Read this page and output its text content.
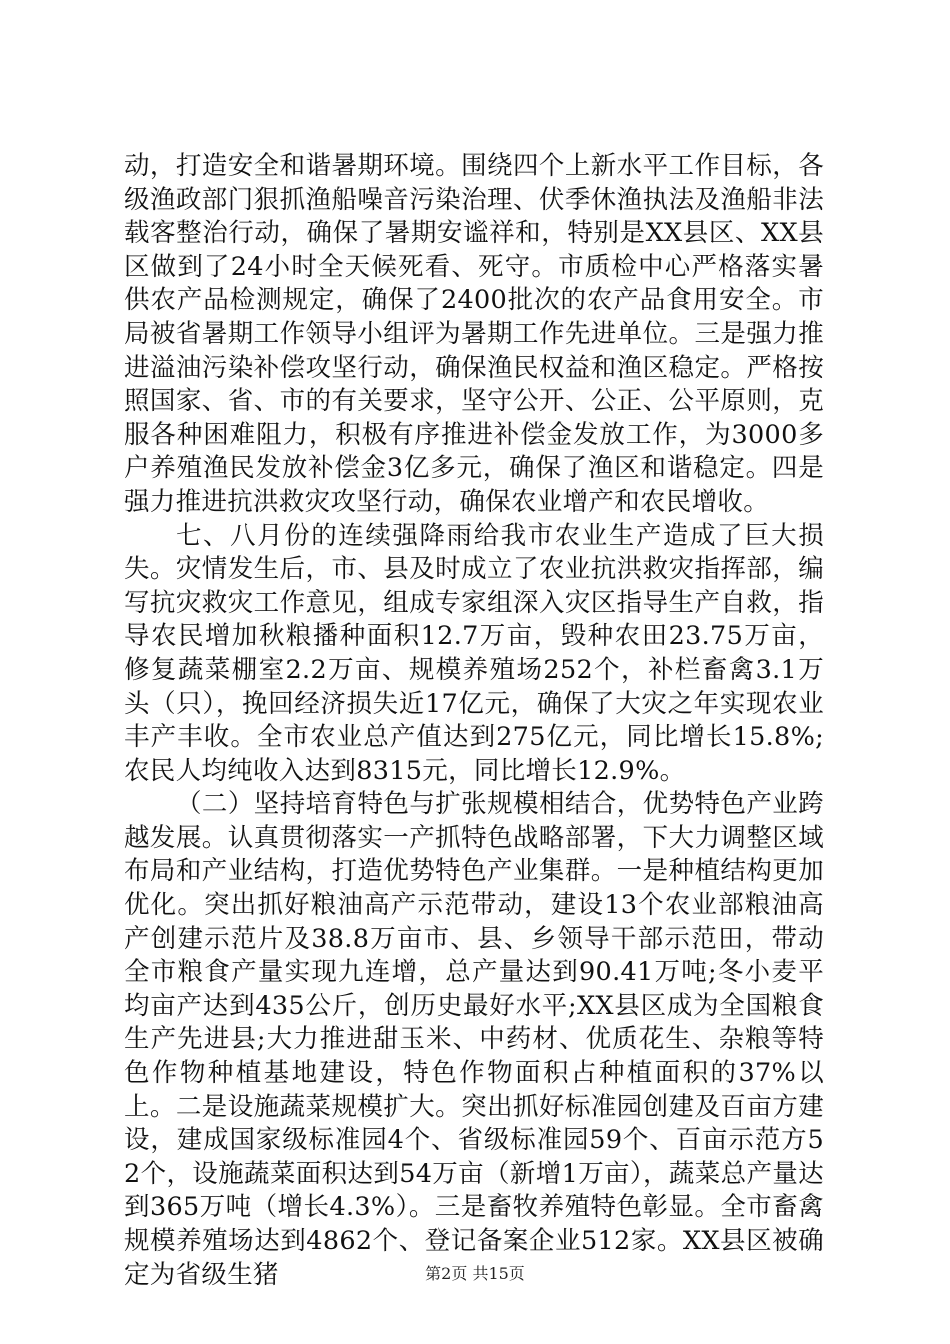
动，打造安全和谐暑期环境。围绕四个上新水平工作目标，各级渔政部门狠抓渔船噪音污染治理、伏季休渔执法及渔船非法载客整治行动，确保了暑期安谧祥和，特别是XX县区、XX县区做到了24小时全天候死看、死守。市质检中心严格落实暑供农产品检测规定，确保了2400批次的农产品食用安全。市局被省暑期工作领导小组评为暑期工作先进单位。三是强力推进溢油污染补偿攻坚行动，确保渔民权益和渔区稳定。严格按照国家、省、市的有关要求，坚守公开、公正、公平原则，克服各种困难阻力，积极有序推进补偿金发放工作，为3000多户养殖渔民发放补偿金3亿多元，确保了渔区和谐稳定。四是强力推进抗洪救灾攻坚行动，确保农业增产和农民增收。

七、八月份的连续强降雨给我市农业生产造成了巨大损失。灾情发生后，市、县及时成立了农业抗洪救灾指挥部，编写抗灾救灾工作意见，组成专家组深入灾区指导生产自救，指导农民增加秋粮播种面积12.7万亩，毁种农田23.75万亩，修复蔬菜棚室2.2万亩、规模养殖场252个，补栏畜禽3.1万头（只），挽回经济损失近17亿元，确保了大灾之年实现农业丰产丰收。全市农业总产值达到275亿元，同比增长15.8%;农民人均纯收入达到8315元，同比增长12.9%。

（二）坚持培育特色与扩张规模相结合，优势特色产业跨越发展。认真贯彻落实一产抓特色战略部署，下大力调整区域布局和产业结构，打造优势特色产业集群。一是种植结构更加优化。突出抓好粮油高产示范带动，建设13个农业部粮油高产创建示范片及38.8万亩市、县、乡领导干部示范田，带动全市粮食产量实现九连增，总产量达到90.41万吨;冬小麦平均亩产达到435公斤，创历史最好水平;XX县区成为全国粮食生产先进县;大力推进甜玉米、中药材、优质花生、杂粮等特色作物种植基地建设，特色作物面积占种植面积的37%以上。二是设施蔬菜规模扩大。突出抓好标准园创建及百亩方建设，建成国家级标准园4个、省级标准园59个、百亩示范方52个，设施蔬菜面积达到54万亩（新增1万亩），蔬菜总产量达到365万吨（增长4.3%）。三是畜牧养殖特色彰显。全市畜禽规模养殖场达到4862个、登记备案企业512家。XX县区被确定为省级生猪	第2页 共15页
